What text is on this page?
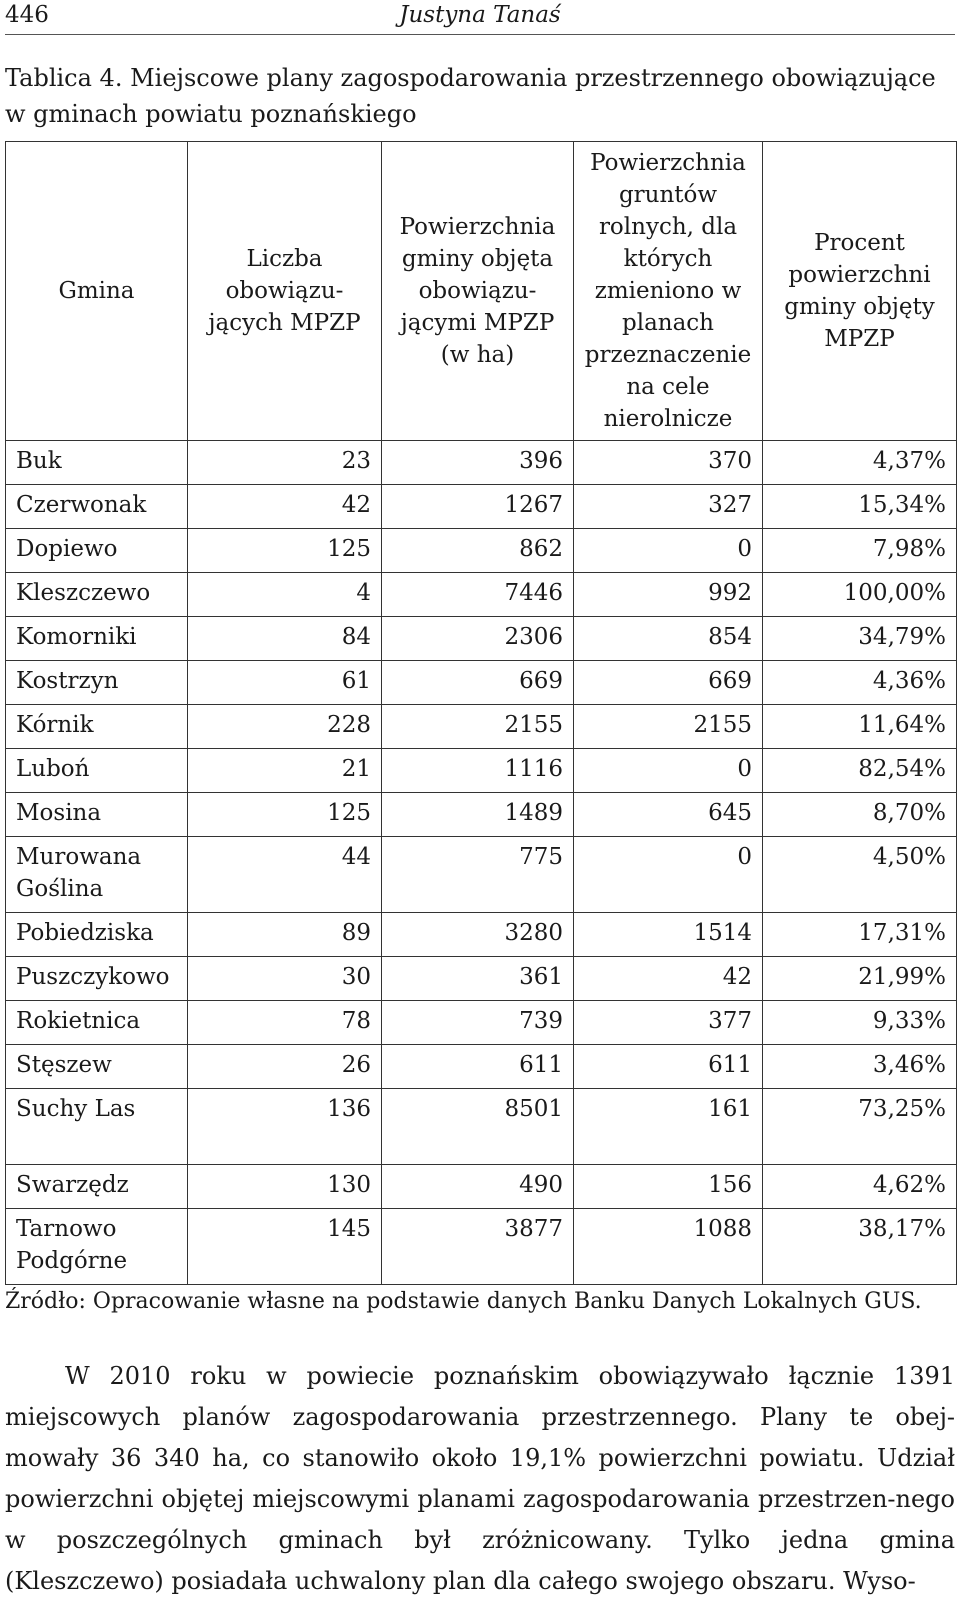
446	Justyna Tanaś
Tablica 4. Miejscowe plany zagospodarowania przestrzennego obowiązujące w gminach powiatu poznańskiego
Gmina	Liczba obowiązu-jących MPZP	Powierzchnia gminy objęta obowiązu-jącymi MPZP (w ha)	Powierzchnia gruntów rolnych, dla których zmieniono w planach przeznaczenie na cele nierolnicze	Procent powierzchni gminy objęty MPZP
Buk	23	396	370	4,37%
Czerwonak	42	1267	327	15,34%
Dopiewo	125	862	0	7,98%
Kleszczewo	4	7446	992	100,00%
Komorniki	84	2306	854	34,79%
Kostrzyn	61	669	669	4,36%
Kórnik	228	2155	2155	11,64%
Luboń	21	1116	0	82,54%
Mosina	125	1489	645	8,70%
Murowana Goślina	44	775	0	4,50%
Pobiedziska	89	3280	1514	17,31%
Puszczykowo	30	361	42	21,99%
Rokietnica	78	739	377	9,33%
Stęszew	26	611	611	3,46%
Suchy Las	136	8501	161	73,25%
Swarzędz	130	490	156	4,62%
Tarnowo Podgórne	145	3877	1088	38,17%
Źródło: Opracowanie własne na podstawie danych Banku Danych Lokalnych GUS.

W 2010 roku w powiecie poznańskim obowiązywało łącznie 1391 miejscowych planów zagospodarowania przestrzennego. Plany te obej-mowały 36 340 ha, co stanowiło około 19,1% powierzchni powiatu. Udział powierzchni objętej miejscowymi planami zagospodarowania przestrzen-nego w poszczególnych gminach był zróżnicowany. Tylko jedna gmina (Kleszczewo) posiadała uchwalony plan dla całego swojego obszaru. Wyso-
